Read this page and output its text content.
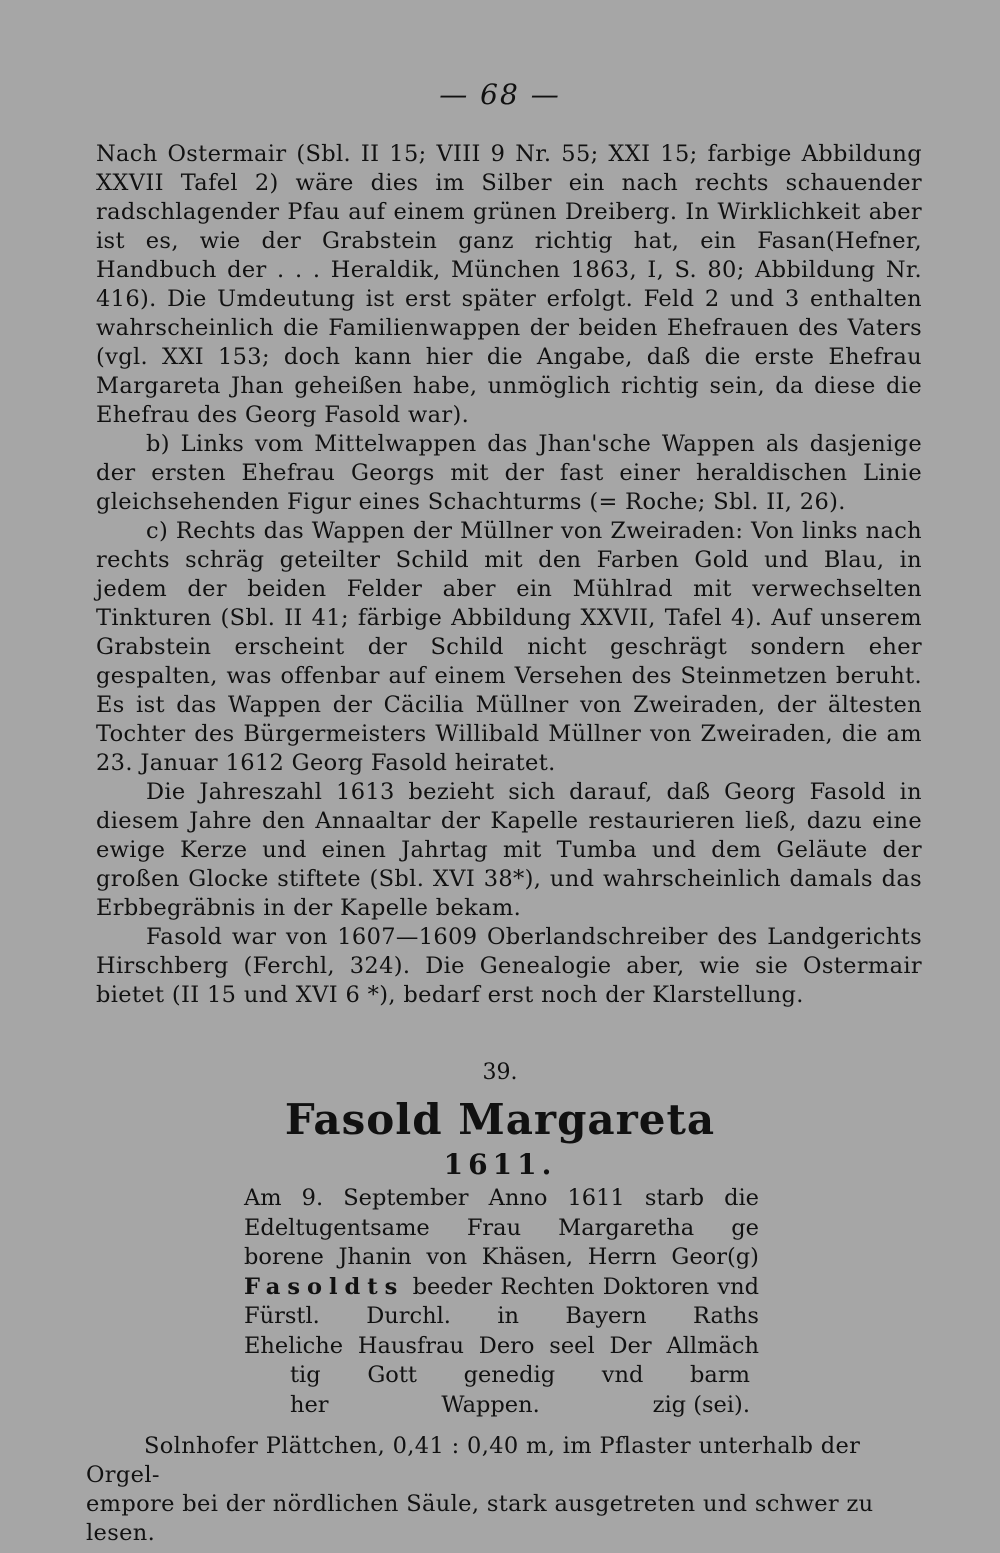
— 68 —

Nach Ostermair (Sbl. II 15; VIII 9 Nr. 55; XXI 15; farbige Abbildung XXVII Tafel 2) wäre dies im Silber ein nach rechts schauender radschlagender Pfau auf einem grünen Dreiberg. In Wirklichkeit aber ist es, wie der Grabstein ganz richtig hat, ein Fasan(Hefner, Handbuch der . . . Heraldik, München 1863, I, S. 80; Abbildung Nr. 416). Die Umdeutung ist erst später erfolgt. Feld 2 und 3 enthalten wahrscheinlich die Familienwappen der beiden Ehefrauen des Vaters (vgl. XXI 153; doch kann hier die Angabe, daß die erste Ehefrau Margareta Jhan geheißen habe, unmöglich richtig sein, da diese die Ehefrau des Georg Fasold war).

b) Links vom Mittelwappen das Jhan'sche Wappen als dasjenige der ersten Ehefrau Georgs mit der fast einer heraldischen Linie gleichsehenden Figur eines Schachturms (= Roche; Sbl. II, 26).

c) Rechts das Wappen der Müllner von Zweiraden: Von links nach rechts schräg geteilter Schild mit den Farben Gold und Blau, in jedem der beiden Felder aber ein Mühlrad mit verwechselten Tinkturen (Sbl. II 41; färbige Abbildung XXVII, Tafel 4). Auf unserem Grabstein erscheint der Schild nicht geschrägt sondern eher gespalten, was offenbar auf einem Versehen des Steinmetzen beruht. Es ist das Wappen der Cäcilia Müllner von Zweiraden, der ältesten Tochter des Bürgermeisters Willibald Müllner von Zweiraden, die am 23. Januar 1612 Georg Fasold heiratet.

Die Jahreszahl 1613 bezieht sich darauf, daß Georg Fasold in diesem Jahre den Annaaltar der Kapelle restaurieren ließ, dazu eine ewige Kerze und einen Jahrtag mit Tumba und dem Geläute der großen Glocke stiftete (Sbl. XVI 38*), und wahrscheinlich damals das Erbbegräbnis in der Kapelle bekam.

Fasold war von 1607—1609 Oberlandschreiber des Landgerichts Hirschberg (Ferchl, 324). Die Genealogie aber, wie sie Ostermair bietet (II 15 und XVI 6 *), bedarf erst noch der Klarstellung.

39.
Fasold Margareta
1611.
Am 9. September Anno 1611 starb die
Edeltugentsame Frau Margaretha ge
borene Jhanin von Khäsen, Herrn Geor(g)
Fasoldts beeder Rechten Doktoren vnd
Fürstl. Durchl. in Bayern Raths
Eheliche Hausfrau Dero seel Der Allmäch
tig Gott genedig vnd barm
her	Wappen.	zig (sei).

Solnhofer Plättchen, 0,41 : 0,40 m, im Pflaster unterhalb der Orgel-

empore bei der nördlichen Säule, stark ausgetreten und schwer zu lesen.
